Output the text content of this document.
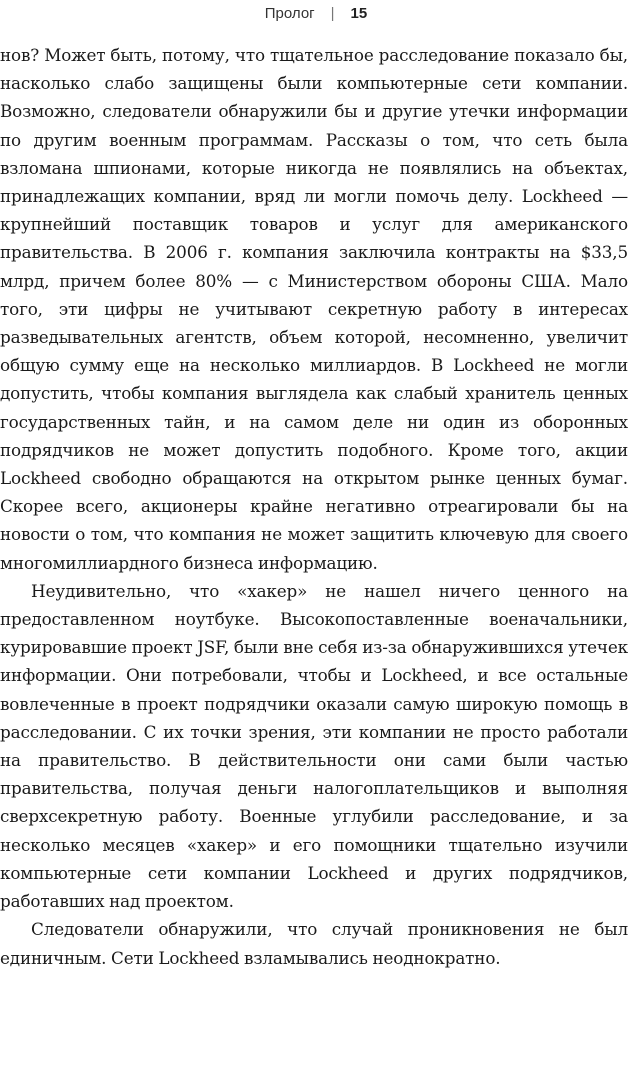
Пролог | 15

нов? Может быть, потому, что тщательное расследование показало бы, насколько слабо защищены были компьютерные сети компании. Возможно, следователи обнаружили бы и другие утечки информации по другим военным программам. Рассказы о том, что сеть была взломана шпионами, которые никогда не появлялись на объектах, принадлежащих компании, вряд ли могли помочь делу. Lockheed — крупнейший поставщик товаров и услуг для американского правительства. В 2006 г. компания заключила контракты на $33,5 млрд, причем более 80% — с Министерством обороны США. Мало того, эти цифры не учитывают секретную работу в интересах разведывательных агентств, объем которой, несомненно, увеличит общую сумму еще на несколько миллиардов. В Lockheed не могли допустить, чтобы компания выглядела как слабый хранитель ценных государственных тайн, и на самом деле ни один из оборонных подрядчиков не может допустить подобного. Кроме того, акции Lockheed свободно обращаются на открытом рынке ценных бумаг. Скорее всего, акционеры крайне негативно отреагировали бы на новости о том, что компания не может защитить ключевую для своего многомиллиардного бизнеса информацию.

Неудивительно, что «хакер» не нашел ничего ценного на предоставленном ноутбуке. Высокопоставленные военачальники, курировавшие проект JSF, были вне себя из-за обнаружившихся утечек информации. Они потребовали, чтобы и Lockheed, и все остальные вовлеченные в проект подрядчики оказали самую широкую помощь в расследовании. С их точки зрения, эти компании не просто работали на правительство. В действительности они сами были частью правительства, получая деньги налогоплательщиков и выполняя сверхсекретную работу. Военные углубили расследование, и за несколько месяцев «хакер» и его помощники тщательно изучили компьютерные сети компании Lockheed и других подрядчиков, работавших над проектом.

Следователи обнаружили, что случай проникновения не был единичным. Сети Lockheed взламывались неоднократно.
